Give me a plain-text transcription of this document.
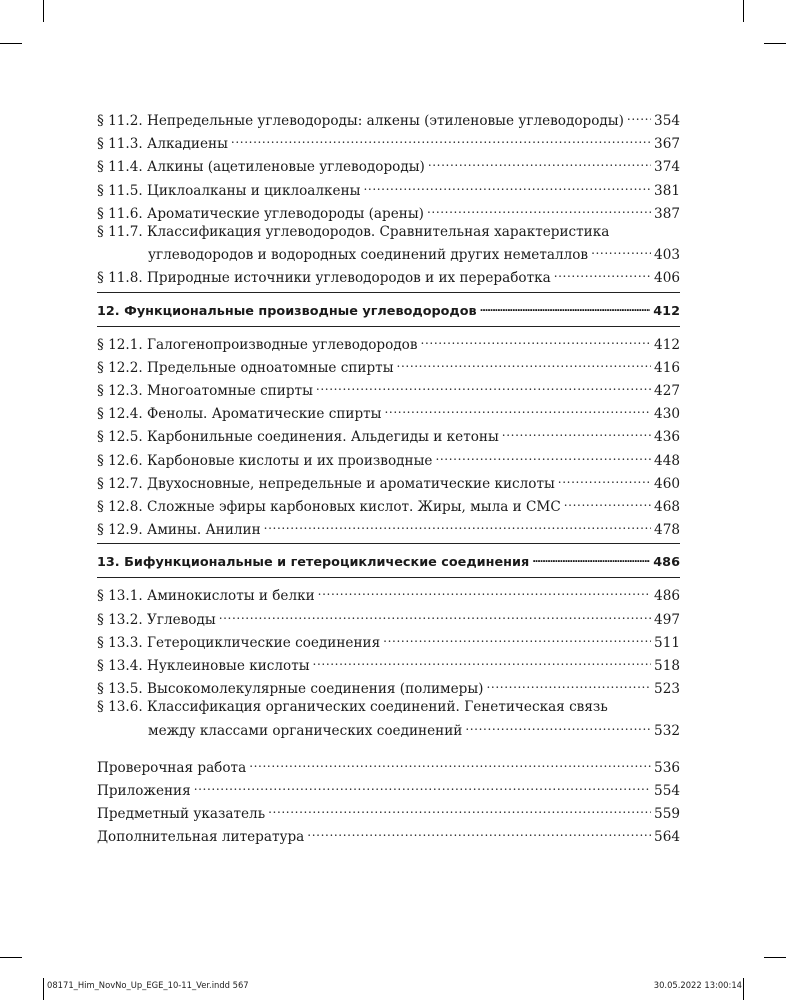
§ 11.2. Непредельные углеводороды: алкены (этиленовые углеводороды) . . . 354
§ 11.3. Алкадиены . . .	367
§ 11.4. Алкины (ацетиленовые углеводороды) . . .	374
§ 11.5. Циклоалканы и циклоалкены . . .	381
§ 11.6. Ароматические углеводороды (арены) . . .	387
§ 11.7. Классификация углеводородов. Сравнительная характеристика
углеводородов и водородных соединений других неметаллов . . .	403
§ 11.8. Природные источники углеводородов и их переработка . . .	406
12. Функциональные производные углеводородов . . .	412
§ 12.1. Галогенопроизводные углеводородов . . .	412
§ 12.2. Предельные одноатомные спирты . . .	416
§ 12.3. Многоатомные спирты . . .	427
§ 12.4. Фенолы. Ароматические спирты . . .	430
§ 12.5. Карбонильные соединения. Альдегиды и кетоны . . .	436
§ 12.6. Карбоновые кислоты и их производные . . .	448
§ 12.7. Двухосновные, непредельные и ароматические кислоты . . .	460
§ 12.8. Сложные эфиры карбоновых кислот. Жиры, мыла и СМС . . .	468
§ 12.9. Амины. Анилин . . .	478
13. Бифункциональные и гетероциклические соединения . . .	486
§ 13.1. Аминокислоты и белки . . .	486
§ 13.2. Углеводы . . .	497
§ 13.3. Гетероциклические соединения . . .	511
§ 13.4. Нуклеиновые кислоты . . .	518
§ 13.5. Высокомолекулярные соединения (полимеры) . . .	523
§ 13.6. Классификация органических соединений. Генетическая связь
между классами органических соединений . . .	532
Проверочная работа . . .	536
Приложения . . .	554
Предметный указатель . . .	559
Дополнительная литература . . .	564
08171_Him_NovNo_Up_EGE_10-11_Ver.indd 567	30.05.2022 13:00:14
